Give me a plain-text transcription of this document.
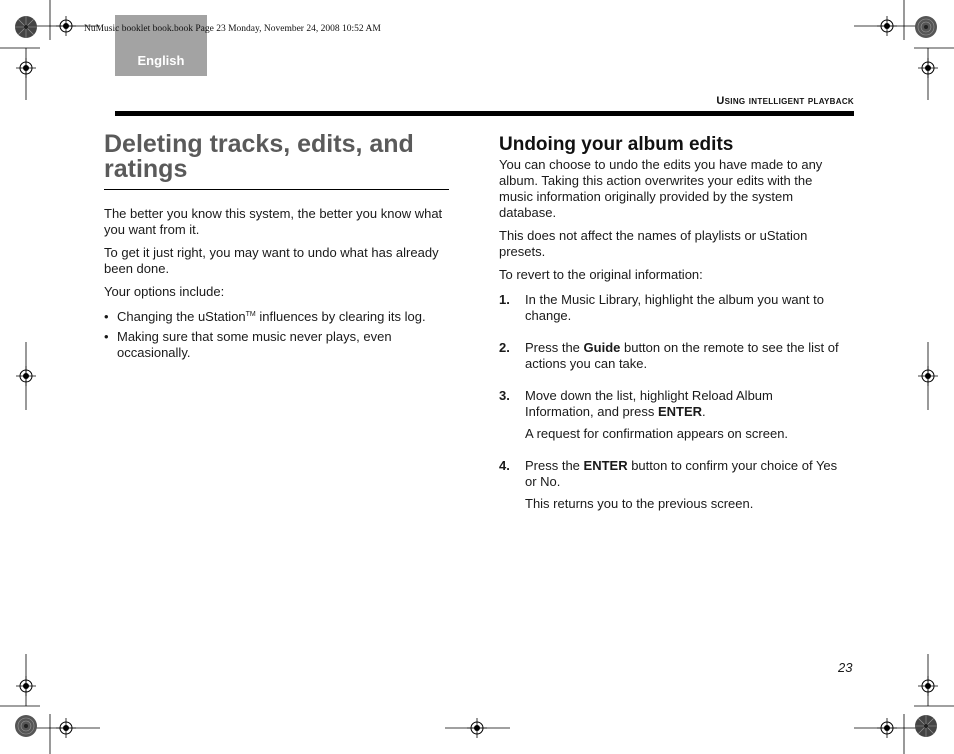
English
NuMusic booklet book.book Page 23 Monday, November 24, 2008 10:52 AM
Using intelligent playback
Deleting tracks, edits, and ratings

The better you know this system, the better you know what you want from it.

To get it just right, you may want to undo what has already been done.

Your options include:

• Changing the uStation™ influences by clearing its log.
• Making sure that some music never plays, even occasionally.
Undoing your album edits

You can choose to undo the edits you have made to any album. Taking this action overwrites your edits with the music information originally provided by the system database.

This does not affect the names of playlists or uStation presets.

To revert to the original information:

1.	In the Music Library, highlight the album you want to change.

2.	Press the Guide button on the remote to see the list of actions you can take.

3.	Move down the list, highlight Reload Album Information, and press ENTER.

A request for confirmation appears on screen.

4.	Press the ENTER button to confirm your choice of Yes or No.

This returns you to the previous screen.

23
